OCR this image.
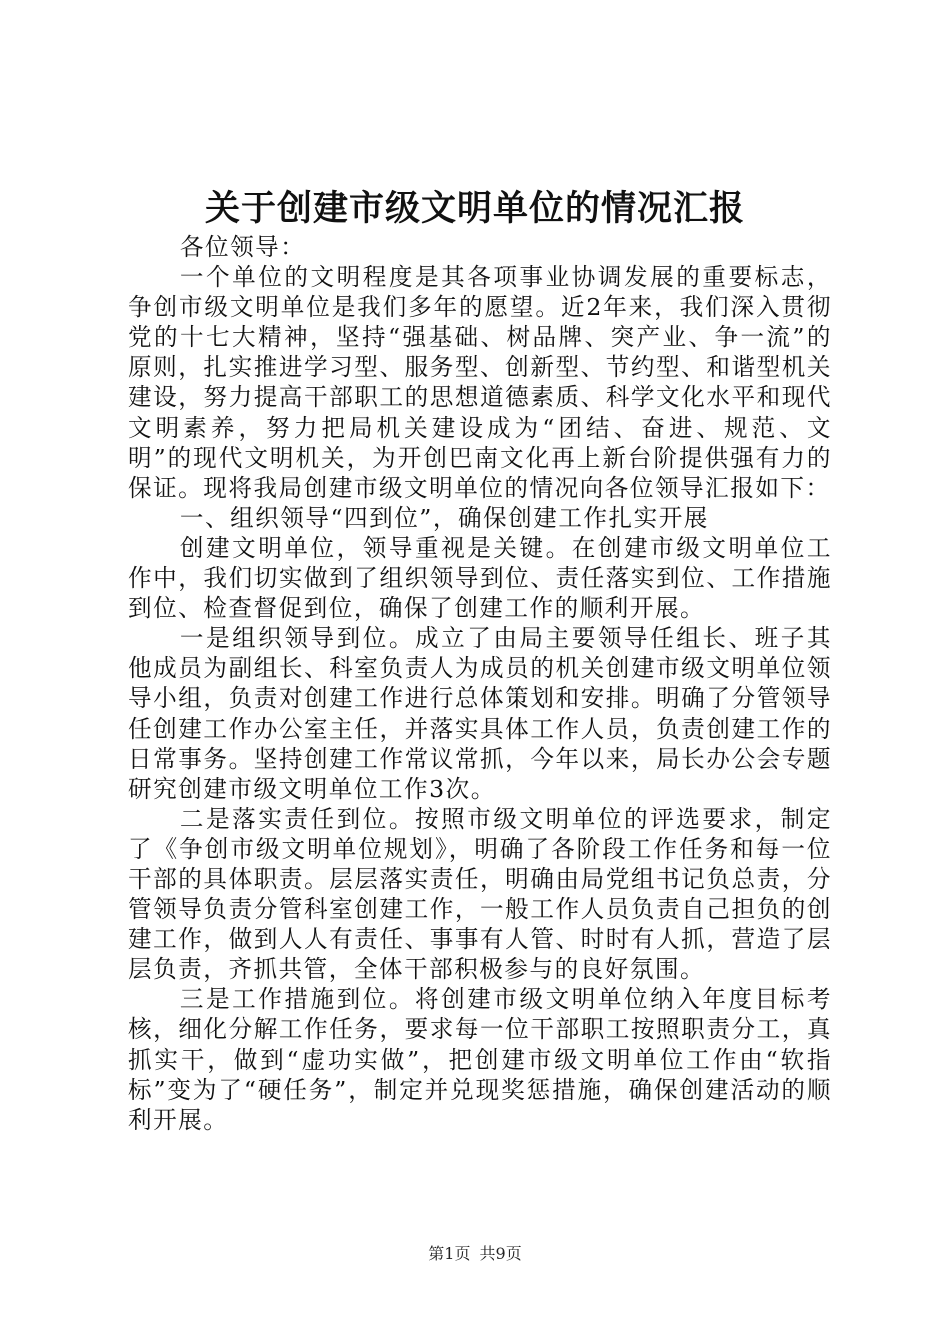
关于创建市级文明单位的情况汇报

各位领导：

一个单位的文明程度是其各项事业协调发展的重要标志，争创市级文明单位是我们多年的愿望。近2年来，我们深入贯彻党的十七大精神，坚持“强基础、树品牌、突产业、争一流”的原则，扎实推进学习型、服务型、创新型、节约型、和谐型机关建设，努力提高干部职工的思想道德素质、科学文化水平和现代文明素养，努力把局机关建设成为“团结、奋进、规范、文明”的现代文明机关，为开创巴南文化再上新台阶提供强有力的保证。现将我局创建市级文明单位的情况向各位领导汇报如下：

一、组织领导“四到位”，确保创建工作扎实开展

创建文明单位，领导重视是关键。在创建市级文明单位工作中，我们切实做到了组织领导到位、责任落实到位、工作措施到位、检查督促到位，确保了创建工作的顺利开展。

一是组织领导到位。成立了由局主要领导任组长、班子其他成员为副组长、科室负责人为成员的机关创建市级文明单位领导小组，负责对创建工作进行总体策划和安排。明确了分管领导任创建工作办公室主任，并落实具体工作人员，负责创建工作的日常事务。坚持创建工作常议常抓，今年以来，局长办公会专题研究创建市级文明单位工作3次。

二是落实责任到位。按照市级文明单位的评选要求，制定了《争创市级文明单位规划》，明确了各阶段工作任务和每一位干部的具体职责。层层落实责任，明确由局党组书记负总责，分管领导负责分管科室创建工作，一般工作人员负责自己担负的创建工作，做到人人有责任、事事有人管、时时有人抓，营造了层层负责，齐抓共管，全体干部积极参与的良好氛围。

三是工作措施到位。将创建市级文明单位纳入年度目标考核，细化分解工作任务，要求每一位干部职工按照职责分工，真抓实干，做到“虚功实做”，把创建市级文明单位工作由“软指标”变为了“硬任务”，制定并兑现奖惩措施，确保创建活动的顺利开展。

第1页 共9页
